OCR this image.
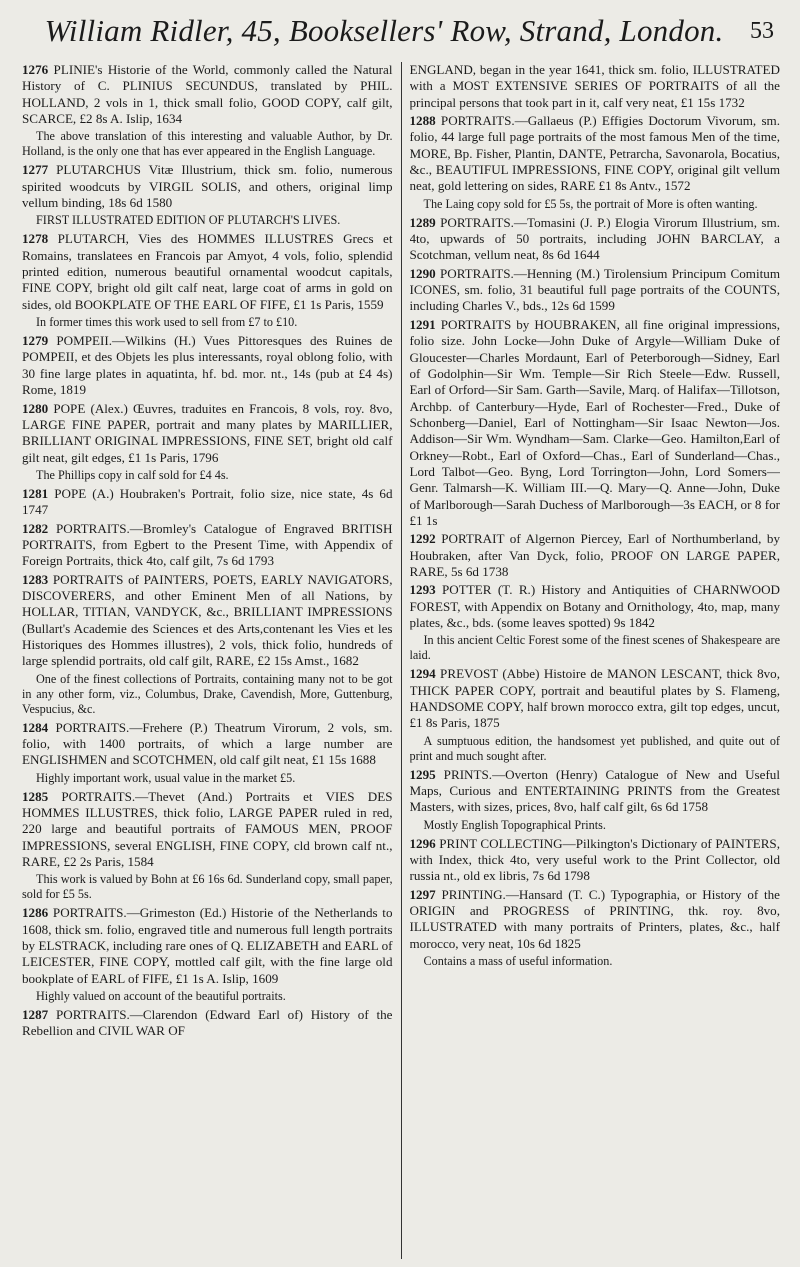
William Ridler, 45, Booksellers' Row, Strand, London.	53

1276 PLINIE's Historie of the World, commonly called the Natural History of C. PLINIUS SECUNDUS, translated by PHIL. HOLLAND, 2 vols in 1, thick small folio, GOOD COPY, calf gilt, SCARCE, £2 8s A. Islip, 1634

The above translation of this interesting and valuable Author, by Dr. Holland, is the only one that has ever appeared in the English Language.

1277 PLUTARCHUS Vitæ Illustrium, thick sm. folio, numerous spirited woodcuts by VIRGIL SOLIS, and others, original limp vellum binding, 18s 6d 1580

FIRST ILLUSTRATED EDITION OF PLUTARCH'S LIVES.

1278 PLUTARCH, Vies des HOMMES ILLUSTRES Grecs et Romains, translatees en Francois par Amyot, 4 vols, folio, splendid printed edition, numerous beautiful ornamental woodcut capitals, FINE COPY, bright old gilt calf neat, large coat of arms in gold on sides, old BOOKPLATE OF THE EARL OF FIFE, £1 1s Paris, 1559

In former times this work used to sell from £7 to £10.

1279 POMPEII.—Wilkins (H.) Vues Pittoresques des Ruines de POMPEII, et des Objets les plus interessants, royal oblong folio, with 30 fine large plates in aquatinta, hf. bd. mor. nt., 14s (pub at £4 4s) Rome, 1819

1280 POPE (Alex.) Œuvres, traduites en Francois, 8 vols, roy. 8vo, LARGE FINE PAPER, portrait and many plates by MARILLIER, BRILLIANT ORIGINAL IMPRESSIONS, FINE SET, bright old calf gilt neat, gilt edges, £1 1s Paris, 1796

The Phillips copy in calf sold for £4 4s.

1281 POPE (A.) Houbraken's Portrait, folio size, nice state, 4s 6d 1747

1282 PORTRAITS.—Bromley's Catalogue of Engraved BRITISH PORTRAITS, from Egbert to the Present Time, with Appendix of Foreign Portraits, thick 4to, calf gilt, 7s 6d 1793

1283 PORTRAITS of PAINTERS, POETS, EARLY NAVIGATORS, DISCOVERERS, and other Eminent Men of all Nations, by HOLLAR, TITIAN, VANDYCK, &c., BRILLIANT IMPRESSIONS (Bullart's Academie des Sciences et des Arts,contenant les Vies et les Historiques des Hommes illustres), 2 vols, thick folio, hundreds of large splendid portraits, old calf gilt, RARE, £2 15s Amst., 1682

One of the finest collections of Portraits, containing many not to be got in any other form, viz., Columbus, Drake, Cavendish, More, Guttenburg, Vespucius, &c.

1284 PORTRAITS.—Frehere (P.) Theatrum Virorum, 2 vols, sm. folio, with 1400 portraits, of which a large number are ENGLISHMEN and SCOTCHMEN, old calf gilt neat, £1 15s 1688

Highly important work, usual value in the market £5.

1285 PORTRAITS.—Thevet (And.) Portraits et VIES DES HOMMES ILLUSTRES, thick folio, LARGE PAPER ruled in red, 220 large and beautiful portraits of FAMOUS MEN, PROOF IMPRESSIONS, several ENGLISH, FINE COPY, cld brown calf nt., RARE, £2 2s Paris, 1584

This work is valued by Bohn at £6 16s 6d. Sunderland copy, small paper, sold for £5 5s.

1286 PORTRAITS.—Grimeston (Ed.) Historie of the Netherlands to 1608, thick sm. folio, engraved title and numerous full length portraits by ELSTRACK, including rare ones of Q. ELIZABETH and EARL of LEICESTER, FINE COPY, mottled calf gilt, with the fine large old bookplate of EARL of FIFE, £1 1s A. Islip, 1609

Highly valued on account of the beautiful portraits.

1287 PORTRAITS.—Clarendon (Edward Earl of) History of the Rebellion and CIVIL WAR OF

ENGLAND, began in the year 1641, thick sm. folio, ILLUSTRATED with a MOST EXTENSIVE SERIES OF PORTRAITS of all the principal persons that took part in it, calf very neat, £1 15s 1732

1288 PORTRAITS.—Gallaeus (P.) Effigies Doctorum Vivorum, sm. folio, 44 large full page portraits of the most famous Men of the time, MORE, Bp. Fisher, Plantin, DANTE, Petrarcha, Savonarola, Bocatius, &c., BEAUTIFUL IMPRESSIONS, FINE COPY, original gilt vellum neat, gold lettering on sides, RARE £1 8s Antv., 1572

The Laing copy sold for £5 5s, the portrait of More is often wanting.

1289 PORTRAITS.—Tomasini (J. P.) Elogia Virorum Illustrium, sm. 4to, upwards of 50 portraits, including JOHN BARCLAY, a Scotchman, vellum neat, 8s 6d 1644

1290 PORTRAITS.—Henning (M.) Tirolensium Principum Comitum ICONES, sm. folio, 31 beautiful full page portraits of the COUNTS, including Charles V., bds., 12s 6d 1599

1291 PORTRAITS by HOUBRAKEN, all fine original impressions, folio size. John Locke—John Duke of Argyle—William Duke of Gloucester—Charles Mordaunt, Earl of Peterborough—Sidney, Earl of Godolphin—Sir Wm. Temple—Sir Rich Steele—Edw. Russell, Earl of Orford—Sir Sam. Garth—Savile, Marq. of Halifax—Tillotson, Archbp. of Canterbury—Hyde, Earl of Rochester—Fred., Duke of Schonberg—Daniel, Earl of Nottingham—Sir Isaac Newton—Jos. Addison—Sir Wm. Wyndham—Sam. Clarke—Geo. Hamilton,Earl of Orkney—Robt., Earl of Oxford—Chas., Earl of Sunderland—Chas., Lord Talbot—Geo. Byng, Lord Torrington—John, Lord Somers—Genr. Talmarsh—K. William III.—Q. Mary—Q. Anne—John, Duke of Marlborough—Sarah Duchess of Marlborough—3s EACH, or 8 for £1 1s

1292 PORTRAIT of Algernon Piercey, Earl of Northumberland, by Houbraken, after Van Dyck, folio, PROOF ON LARGE PAPER, RARE, 5s 6d 1738

1293 POTTER (T. R.) History and Antiquities of CHARNWOOD FOREST, with Appendix on Botany and Ornithology, 4to, map, many plates, &c., bds. (some leaves spotted) 9s 1842

In this ancient Celtic Forest some of the finest scenes of Shakespeare are laid.

1294 PREVOST (Abbe) Histoire de MANON LESCANT, thick 8vo, THICK PAPER COPY, portrait and beautiful plates by S. Flameng, HANDSOME COPY, half brown morocco extra, gilt top edges, uncut, £1 8s Paris, 1875

A sumptuous edition, the handsomest yet published, and quite out of print and much sought after.

1295 PRINTS.—Overton (Henry) Catalogue of New and Useful Maps, Curious and ENTERTAINING PRINTS from the Greatest Masters, with sizes, prices, 8vo, half calf gilt, 6s 6d 1758

Mostly English Topographical Prints.

1296 PRINT COLLECTING—Pilkington's Dictionary of PAINTERS, with Index, thick 4to, very useful work to the Print Collector, old russia nt., old ex libris, 7s 6d 1798

1297 PRINTING.—Hansard (T. C.) Typographia, or History of the ORIGIN and PROGRESS of PRINTING, thk. roy. 8vo, ILLUSTRATED with many portraits of Printers, plates, &c., half morocco, very neat, 10s 6d 1825

Contains a mass of useful information.
